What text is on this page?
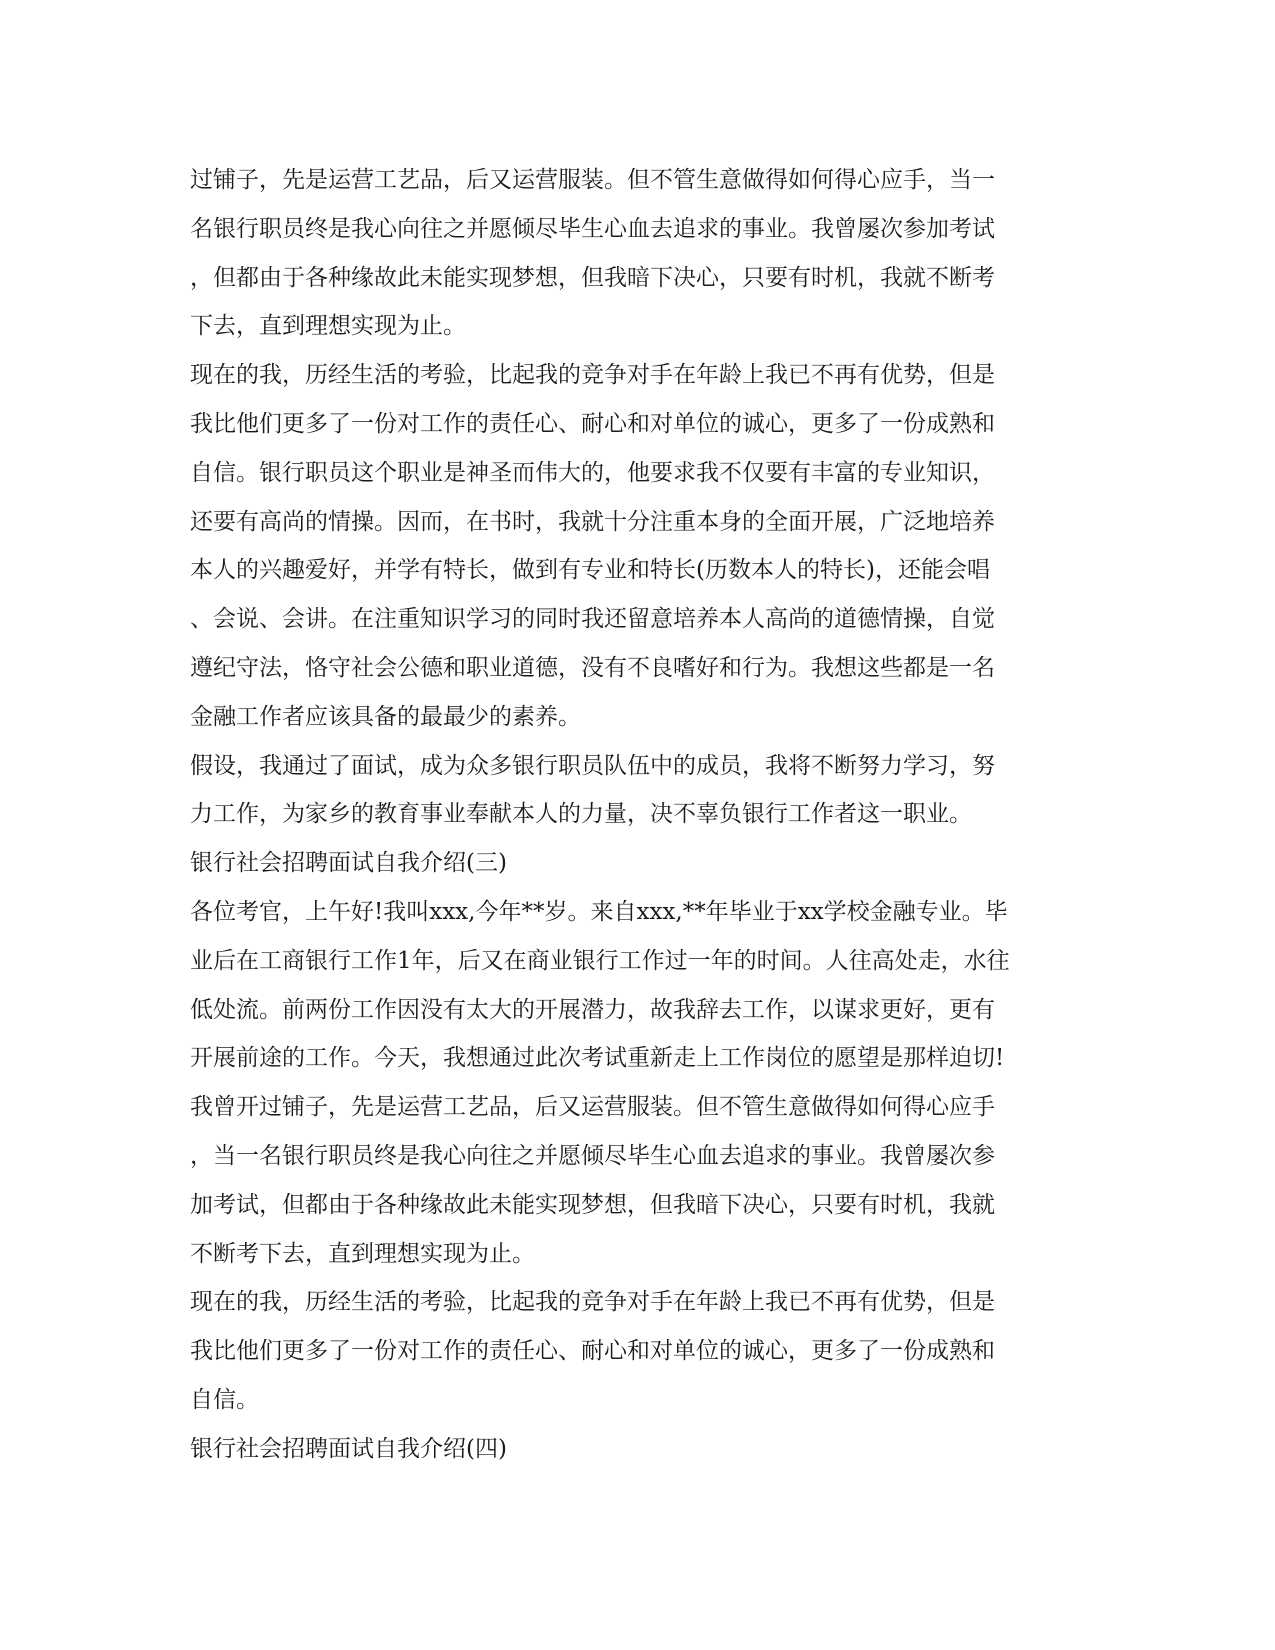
过铺子，先是运营工艺品，后又运营服装。但不管生意做得如何得心应手，当一
名银行职员终是我心向往之并愿倾尽毕生心血去追求的事业。我曾屡次参加考试
，但都由于各种缘故此未能实现梦想，但我暗下决心，只要有时机，我就不断考
下去，直到理想实现为止。
现在的我，历经生活的考验，比起我的竞争对手在年龄上我已不再有优势，但是
我比他们更多了一份对工作的责任心、耐心和对单位的诚心，更多了一份成熟和
自信。银行职员这个职业是神圣而伟大的，他要求我不仅要有丰富的专业知识，
还要有高尚的情操。因而，在书时，我就十分注重本身的全面开展，广泛地培养
本人的兴趣爱好，并学有特长，做到有专业和特长(历数本人的特长)，还能会唱
、会说、会讲。在注重知识学习的同时我还留意培养本人高尚的道德情操，自觉
遵纪守法，恪守社会公德和职业道德，没有不良嗜好和行为。我想这些都是一名
金融工作者应该具备的最最少的素养。
假设，我通过了面试，成为众多银行职员队伍中的成员，我将不断努力学习，努
力工作，为家乡的教育事业奉献本人的力量，决不辜负银行工作者这一职业。
银行社会招聘面试自我介绍(三)
各位考官，上午好!我叫xxx,今年**岁。来自xxx,**年毕业于xx学校金融专业。毕
业后在工商银行工作1年，后又在商业银行工作过一年的时间。人往高处走，水往
低处流。前两份工作因没有太大的开展潜力，故我辞去工作，以谋求更好，更有
开展前途的工作。今天，我想通过此次考试重新走上工作岗位的愿望是那样迫切!
我曾开过铺子，先是运营工艺品，后又运营服装。但不管生意做得如何得心应手
，当一名银行职员终是我心向往之并愿倾尽毕生心血去追求的事业。我曾屡次参
加考试，但都由于各种缘故此未能实现梦想，但我暗下决心，只要有时机，我就
不断考下去，直到理想实现为止。
现在的我，历经生活的考验，比起我的竞争对手在年龄上我已不再有优势，但是
我比他们更多了一份对工作的责任心、耐心和对单位的诚心，更多了一份成熟和
自信。
银行社会招聘面试自我介绍(四)
